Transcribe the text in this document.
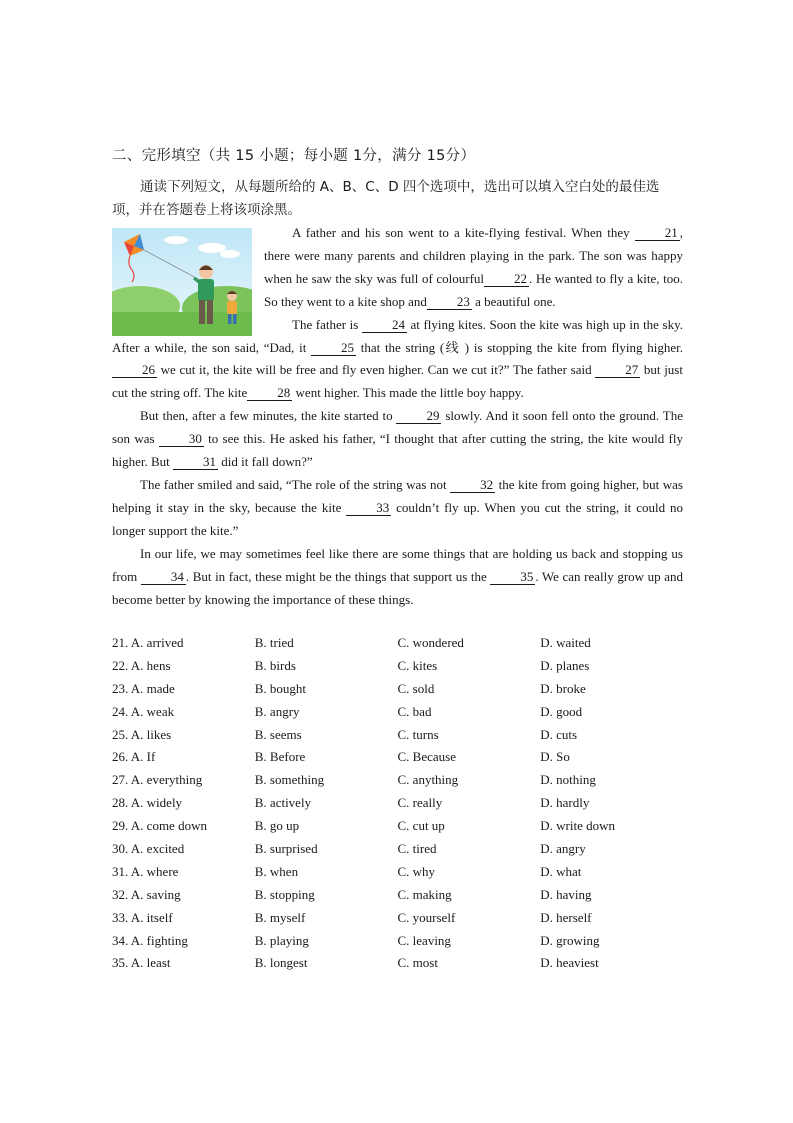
二、完形填空（共 15 小题；每小题 1分，满分 15分）
通读下列短文，从每题所给的 A、B、C、D 四个选项中，选出可以填入空白处的最佳选项，并在答题卷上将该项涂黑。

A father and his son went to a kite-flying festival. When they 21 , there were many parents and children playing in the park. The son was happy when he saw the sky was full of colourful 22 . He wanted to fly a kite, too. So they went to a kite shop and 23 a beautiful one.

The father is 24 at flying kites. Soon the kite was high up in the sky. After a while, the son said, “Dad, it 25 that the string (线 ) is stopping the kite from flying higher. 26 we cut it, the kite will be free and fly even higher. Can we cut it?” The father said 27 but just cut the string off. The kite 28 went higher. This made the little boy happy.

But then, after a few minutes, the kite started to 29 slowly. And it soon fell onto the ground. The son was 30 to see this. He asked his father, “I thought that after cutting the string, the kite would fly higher. But 31 did it fall down?”

The father smiled and said, “The role of the string was not 32 the kite from going higher, but was helping it stay in the sky, because the kite 33 couldn’t fly up. When you cut the string, it could no longer support the kite.”

In our life, we may sometimes feel like there are some things that are holding us back and stopping us from 34 . But in fact, these might be the things that support us the 35 . We can really grow up and become better by knowing the importance of these things.

21. A. arrived	B. tried	C. wondered	D. waited
22. A. hens	B. birds	C. kites	D. planes
23. A. made	B. bought	C. sold	D. broke
24. A. weak	B. angry	C. bad	D. good
25. A. likes	B. seems	C. turns	D. cuts
26. A. If	B. Before	C. Because	D. So
27. A. everything	B. something	C. anything	D. nothing
28. A. widely	B. actively	C. really	D. hardly
29. A. come down	B. go up	C. cut up	D. write down
30. A. excited	B. surprised	C. tired	D. angry
31. A. where	B. when	C. why	D. what
32. A. saving	B. stopping	C. making	D. having
33. A. itself	B. myself	C. yourself	D. herself
34. A. fighting	B. playing	C. leaving	D. growing
35. A. least	B. longest	C. most	D. heaviest
